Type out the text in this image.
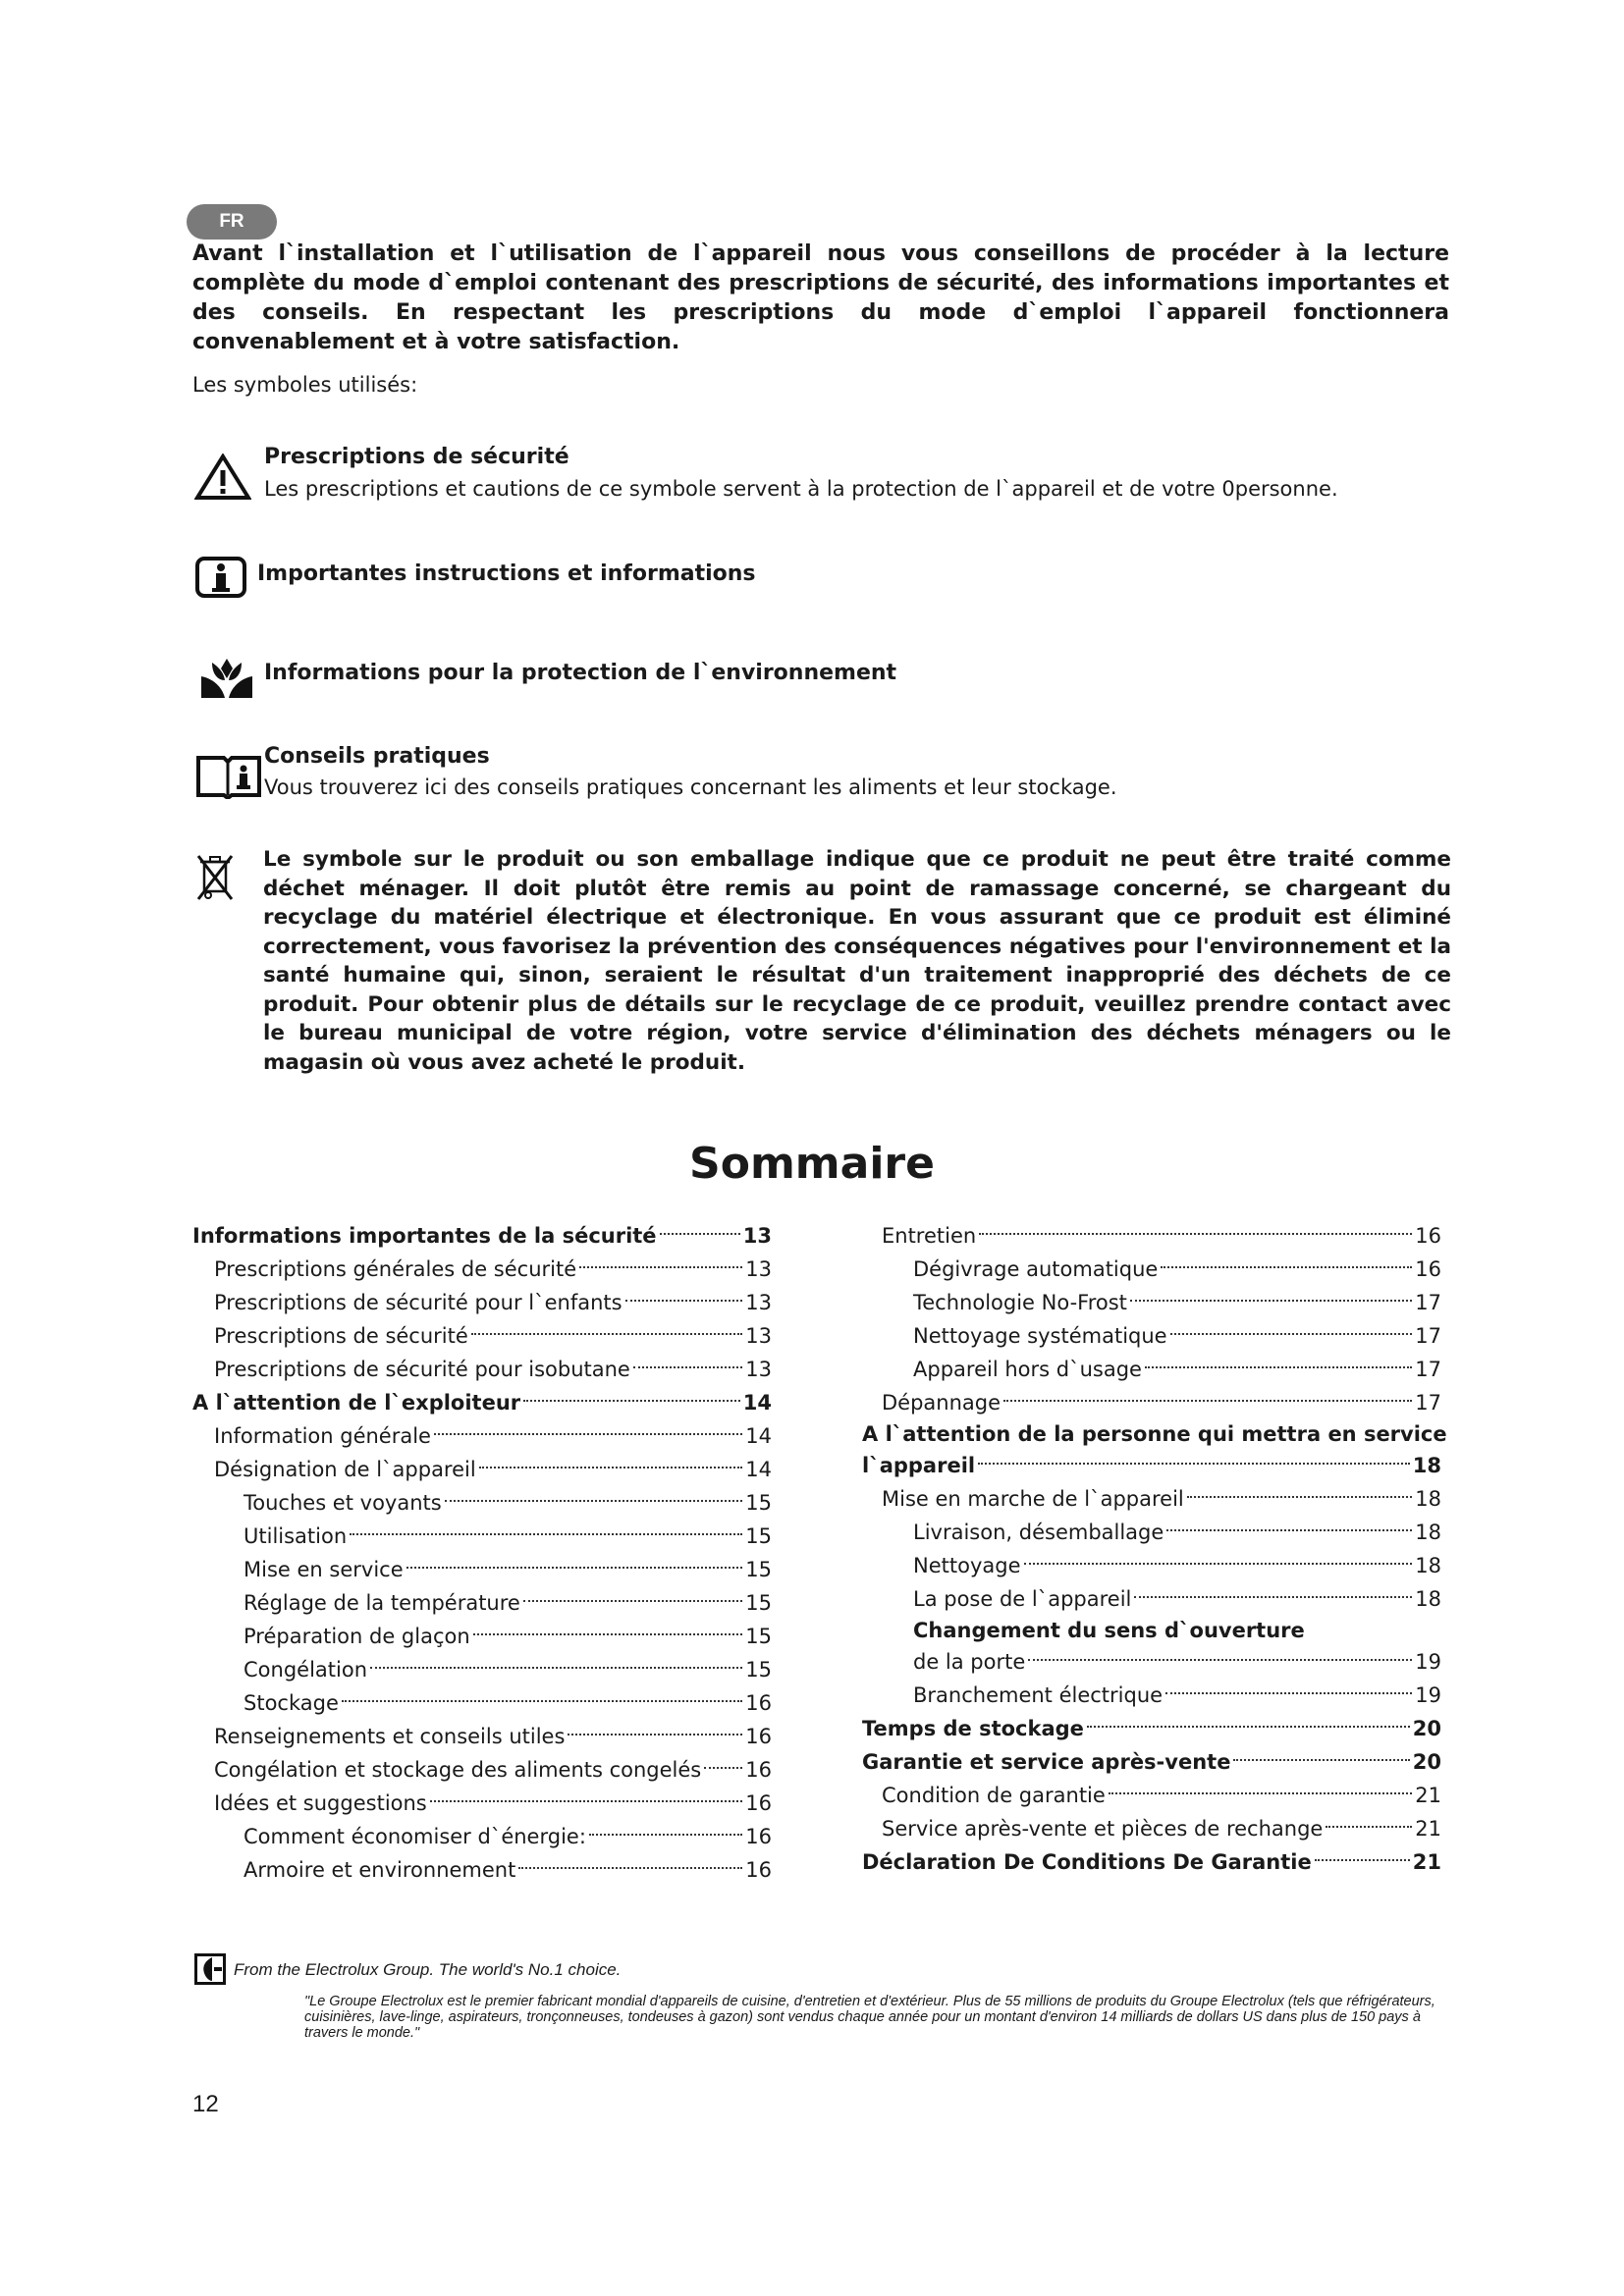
FR
Avant l`installation et l`utilisation de l`appareil nous vous conseillons de procéder à la lecture complète du mode d`emploi contenant des prescriptions de sécurité, des informations importantes et des conseils. En respectant les prescriptions du mode d`emploi l`appareil fonctionnera convenablement et à votre satisfaction.
Les symboles utilisés:
Prescriptions de sécurité
Les prescriptions et cautions de ce symbole servent à la protection de l`appareil et de votre 0personne.
Importantes instructions et informations
Informations pour la protection de l`environnement
Conseils pratiques
Vous trouverez ici des conseils pratiques concernant les aliments et leur stockage.
Le symbole sur le produit ou son emballage indique que ce produit ne peut être traité comme déchet ménager. Il doit plutôt être remis au point de ramassage concerné, se chargeant du recyclage du matériel électrique et électronique. En vous assurant que ce produit est éliminé correctement, vous favorisez la prévention des conséquences négatives pour l'environnement et la santé humaine qui, sinon, seraient le résultat d'un traitement inapproprié des déchets de ce produit. Pour obtenir plus de détails sur le recyclage de ce produit, veuillez prendre contact avec le bureau municipal de votre région, votre service d'élimination des déchets ménagers ou le magasin où vous avez acheté le produit.
Sommaire
Informations importantes de la sécurité	13
Prescriptions générales de sécurité	13
Prescriptions de sécurité pour l`enfants	13
Prescriptions de sécurité	13
Prescriptions de sécurité pour isobutane	13
A l`attention de l`exploiteur	14
Information générale	14
Désignation de l`appareil	14
Touches et voyants	15
Utilisation	15
Mise en service	15
Réglage de la température	15
Préparation de glaçon	15
Congélation	15
Stockage	16
Renseignements et conseils utiles	16
Congélation et stockage des aliments congelés 16
Idées et suggestions	16
Comment économiser d`énergie:	16
Armoire et environnement	16
Entretien	16
Dégivrage automatique	16
Technologie No-Frost	17
Nettoyage systématique	17
Appareil hors d`usage	17
Dépannage	17
A l`attention de la personne qui mettra en service
l`appareil	18
Mise en marche de l`appareil	18
Livraison, désemballage	18
Nettoyage	18
La pose de l`appareil	18
Changement du sens d`ouverture
de la porte	19
Branchement électrique	19
Temps de stockage	20
Garantie et service après-vente	20
Condition de garantie	21
Service après-vente et pièces de rechange	21
Déclaration De Conditions De Garantie	21
From the Electrolux Group. The world's No.1 choice.
"Le Groupe Electrolux est le premier fabricant mondial d'appareils de cuisine, d'entretien et d'extérieur. Plus de 55 millions de produits du Groupe Electrolux (tels que réfrigérateurs, cuisinières, lave-linge, aspirateurs, tronçonneuses, tondeuses à gazon) sont vendus chaque année pour un montant d'environ 14 milliards de dollars US dans plus de 150 pays à travers le monde."
12
